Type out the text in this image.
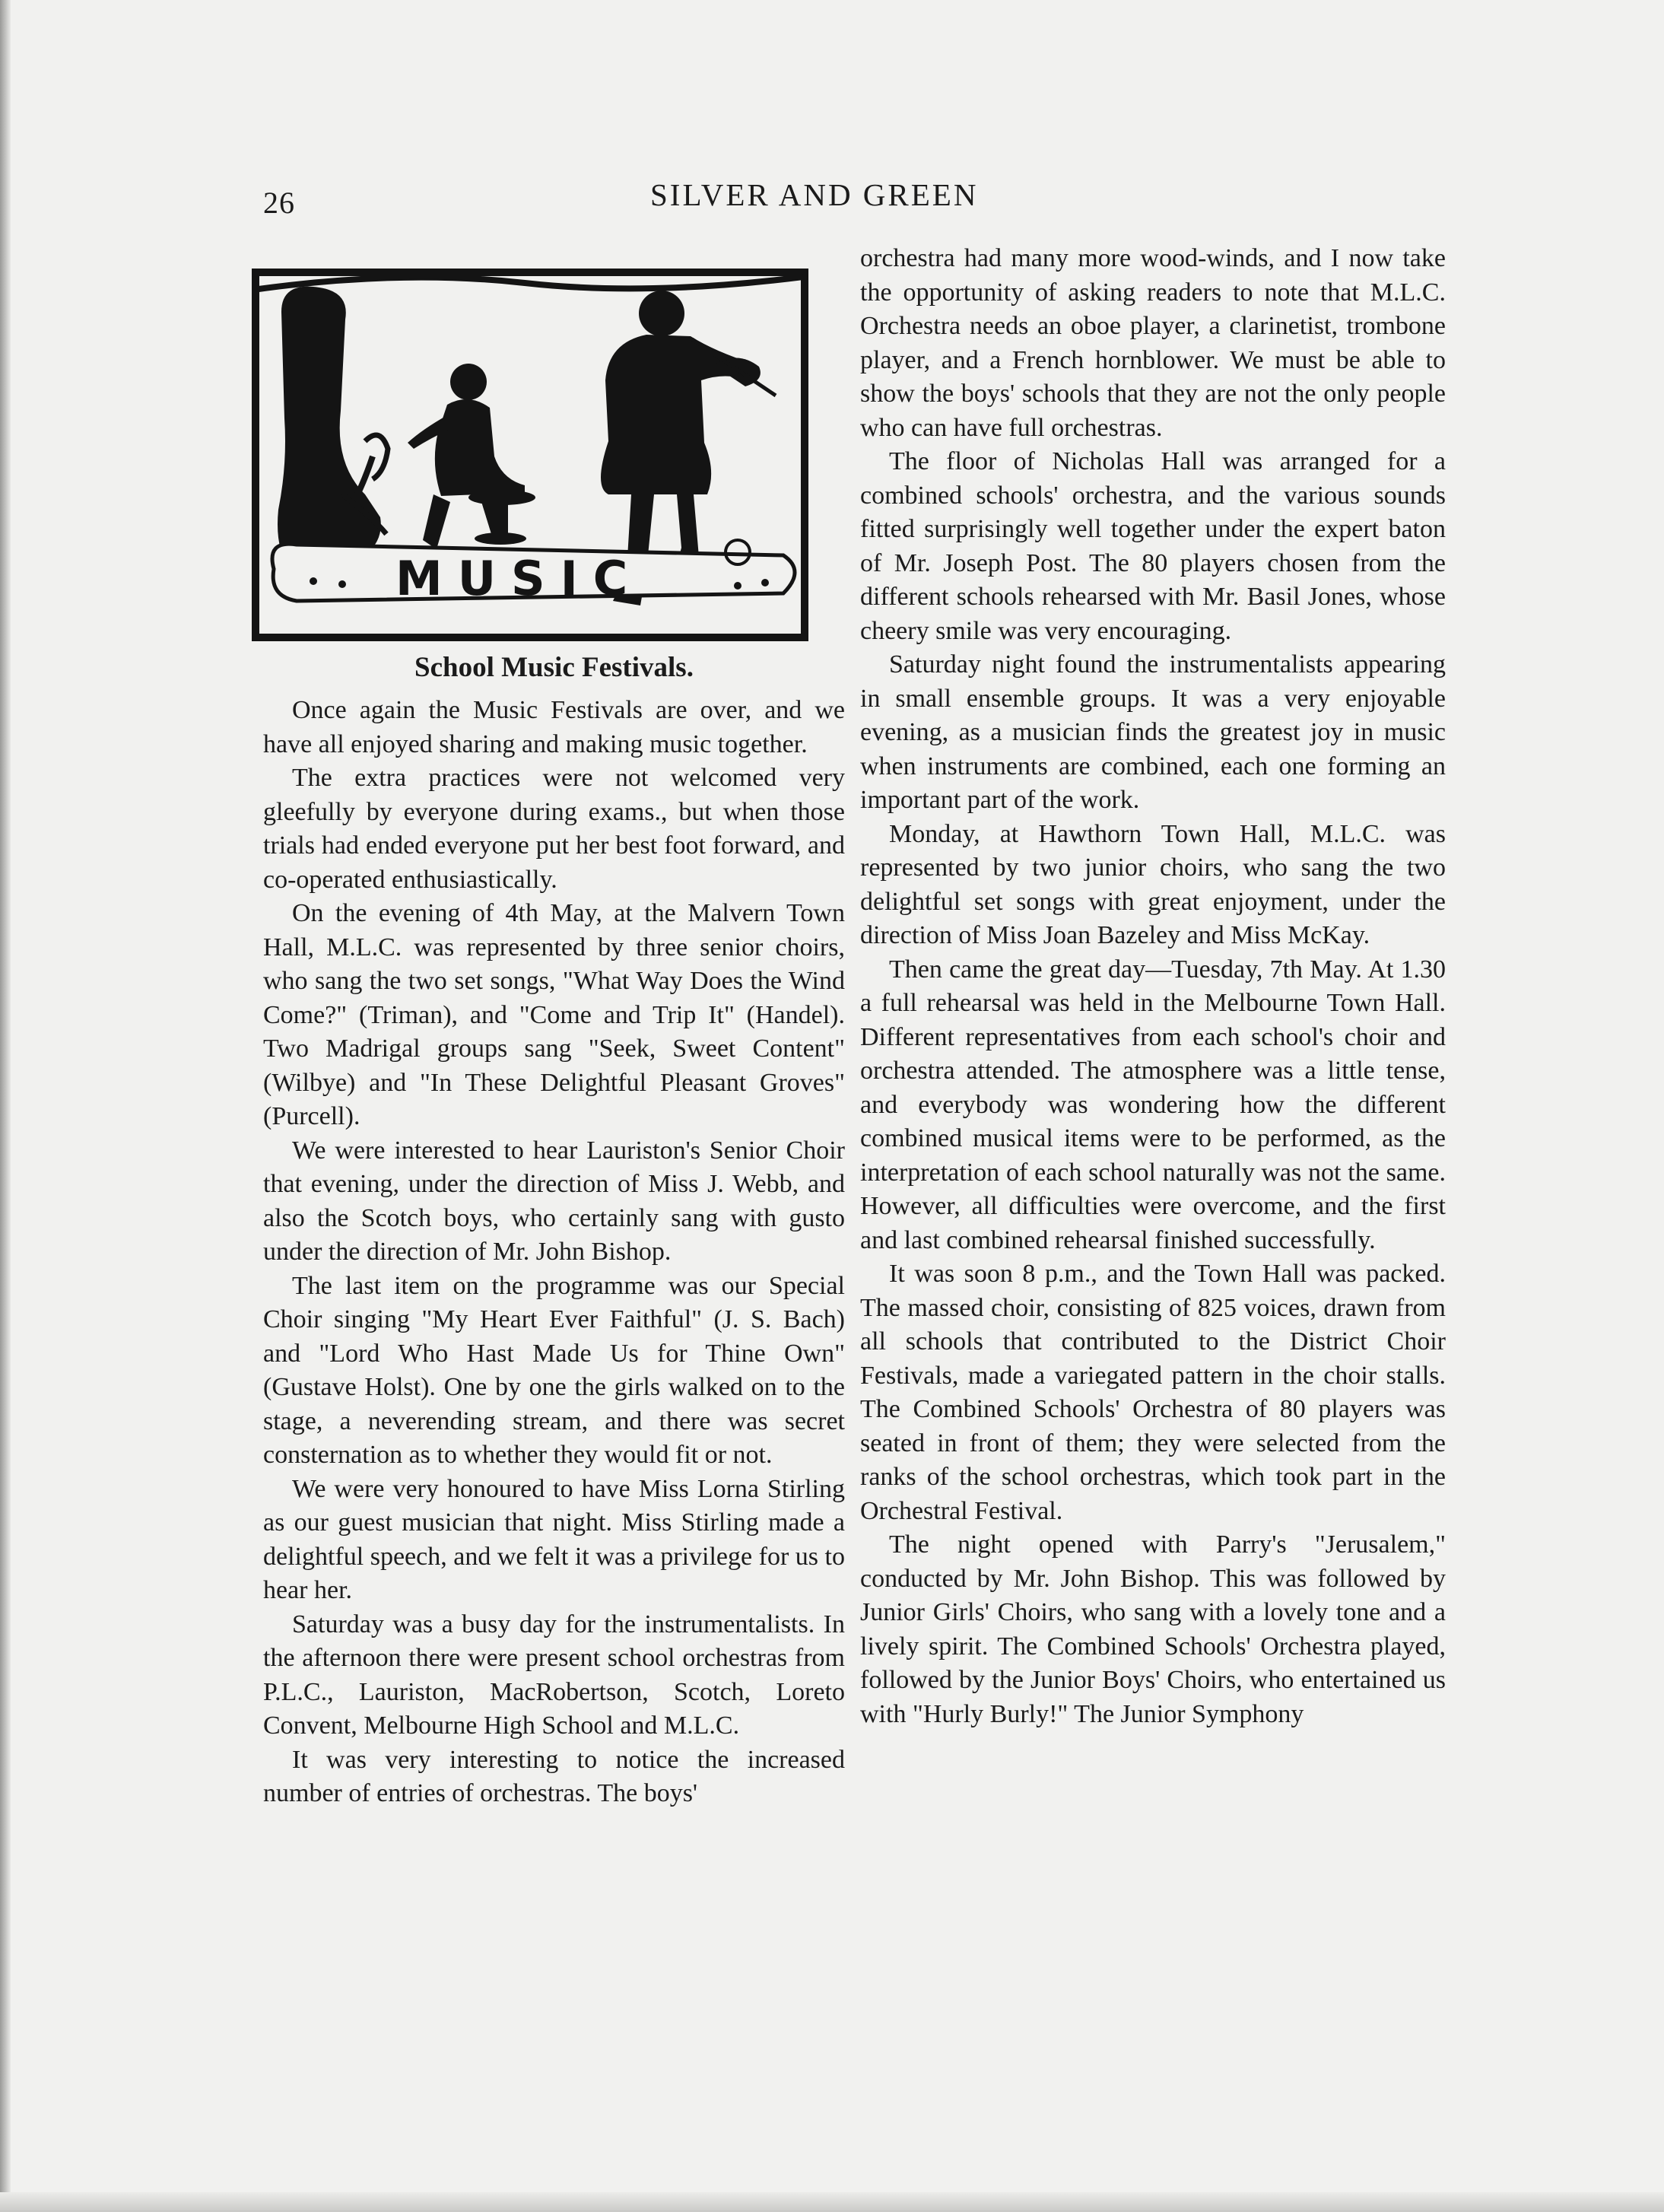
26	SILVER AND GREEN
MUSIC
School Music Festivals.

Once again the Music Festivals are over, and we have all enjoyed sharing and making music together.

The extra practices were not welcomed very gleefully by everyone during exams., but when those trials had ended everyone put her best foot forward, and co-operated enthusiastically.

On the evening of 4th May, at the Malvern Town Hall, M.L.C. was represented by three senior choirs, who sang the two set songs, "What Way Does the Wind Come?" (Triman), and "Come and Trip It" (Handel). Two Madrigal groups sang "Seek, Sweet Content" (Wilbye) and "In These Delightful Pleasant Groves" (Purcell).

We were interested to hear Lauriston's Senior Choir that evening, under the direction of Miss J. Webb, and also the Scotch boys, who certainly sang with gusto under the direction of Mr. John Bishop.

The last item on the programme was our Special Choir singing "My Heart Ever Faithful" (J. S. Bach) and "Lord Who Hast Made Us for Thine Own" (Gustave Holst). One by one the girls walked on to the stage, a neverending stream, and there was secret consternation as to whether they would fit or not.

We were very honoured to have Miss Lorna Stirling as our guest musician that night. Miss Stirling made a delightful speech, and we felt it was a privilege for us to hear her.

Saturday was a busy day for the instrumentalists. In the afternoon there were present school orchestras from P.L.C., Lauriston, MacRobertson, Scotch, Loreto Convent, Melbourne High School and M.L.C.

It was very interesting to notice the increased number of entries of orchestras. The boys'

orchestra had many more wood-winds, and I now take the opportunity of asking readers to note that M.L.C. Orchestra needs an oboe player, a clarinetist, trombone player, and a French hornblower. We must be able to show the boys' schools that they are not the only people who can have full orchestras.

The floor of Nicholas Hall was arranged for a combined schools' orchestra, and the various sounds fitted surprisingly well together under the expert baton of Mr. Joseph Post. The 80 players chosen from the different schools rehearsed with Mr. Basil Jones, whose cheery smile was very encouraging.

Saturday night found the instrumentalists appearing in small ensemble groups. It was a very enjoyable evening, as a musician finds the greatest joy in music when instruments are combined, each one forming an important part of the work.

Monday, at Hawthorn Town Hall, M.L.C. was represented by two junior choirs, who sang the two delightful set songs with great enjoyment, under the direction of Miss Joan Bazeley and Miss McKay.

Then came the great day—Tuesday, 7th May. At 1.30 a full rehearsal was held in the Melbourne Town Hall. Different representatives from each school's choir and orchestra attended. The atmosphere was a little tense, and everybody was wondering how the different combined musical items were to be performed, as the interpretation of each school naturally was not the same. However, all difficulties were overcome, and the first and last combined rehearsal finished successfully.

It was soon 8 p.m., and the Town Hall was packed. The massed choir, consisting of 825 voices, drawn from all schools that contributed to the District Choir Festivals, made a variegated pattern in the choir stalls. The Combined Schools' Orchestra of 80 players was seated in front of them; they were selected from the ranks of the school orchestras, which took part in the Orchestral Festival.

The night opened with Parry's "Jerusalem," conducted by Mr. John Bishop. This was followed by Junior Girls' Choirs, who sang with a lovely tone and a lively spirit. The Combined Schools' Orchestra played, followed by the Junior Boys' Choirs, who entertained us with "Hurly Burly!" The Junior Symphony
